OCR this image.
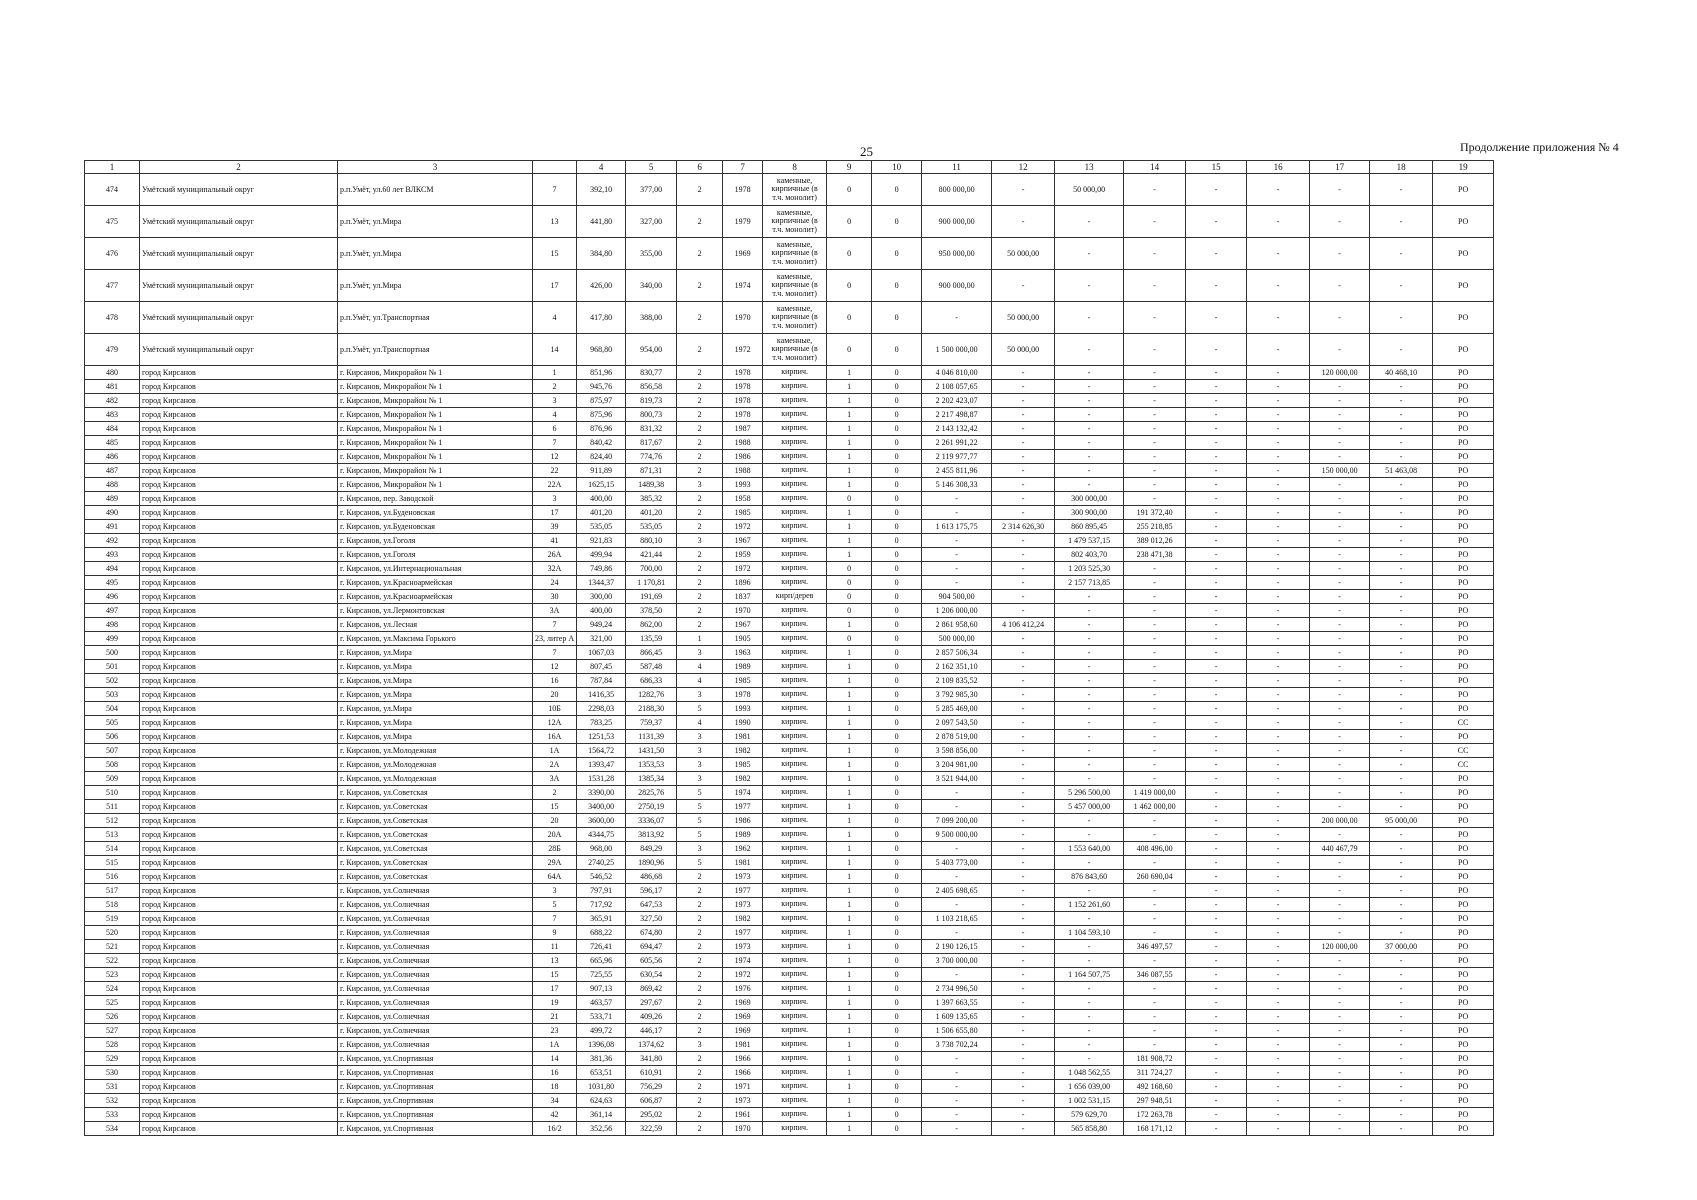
25	Продолжение приложения № 4
1	2	3		4	5	6	7	8	9	10	11	12	13	14	15	16	17	18	19
474	Умётский муниципальный округ	р.п.Умёт, ул.60 лет ВЛКСМ	7	392,10	377,00	2	1978	каменные, кирпичные (в т.ч. монолит)	0	0	800 000,00	-	50 000,00	-	-	-	-	-	РО
475	Умётский муниципальный округ	р.п.Умёт, ул.Мира	13	441,80	327,00	2	1979	каменные, кирпичные (в т.ч. монолит)	0	0	900 000,00	-	-	-	-	-	-	-	РО
476	Умётский муниципальный округ	р.п.Умёт, ул.Мира	15	384,80	355,00	2	1969	каменные, кирпичные (в т.ч. монолит)	0	0	950 000,00	50 000,00	-	-	-	-	-	-	РО
477	Умётский муниципальный округ	р.п.Умёт, ул.Мира	17	426,00	340,00	2	1974	каменные, кирпичные (в т.ч. монолит)	0	0	900 000,00	-	-	-	-	-	-	-	РО
478	Умётский муниципальный округ	р.п.Умёт, ул.Транспортная	4	417,80	388,00	2	1970	каменные, кирпичные (в т.ч. монолит)	0	0	-	50 000,00	-	-	-	-	-	-	РО
479	Умётский муниципальный округ	р.п.Умёт, ул.Транспортная	14	968,80	954,00	2	1972	каменные, кирпичные (в т.ч. монолит)	0	0	1 500 000,00	50 000,00	-	-	-	-	-	-	РО
480	город Кирсанов	г. Кирсанов, Микрорайон № 1	1	851,96	830,77	2	1978	кирпич.	1	0	4 046 810,00	-	-	-	-	-	120 000,00	40 468,10	РО
481	город Кирсанов	г. Кирсанов, Микрорайон № 1	2	945,76	856,58	2	1978	кирпич.	1	0	2 108 057,65	-	-	-	-	-	-	-	РО
482	город Кирсанов	г. Кирсанов, Микрорайон № 1	3	875,97	819,73	2	1978	кирпич.	1	0	2 202 423,07	-	-	-	-	-	-	-	РО
483	город Кирсанов	г. Кирсанов, Микрорайон № 1	4	875,96	800,73	2	1978	кирпич.	1	0	2 217 498,87	-	-	-	-	-	-	-	РО
484	город Кирсанов	г. Кирсанов, Микрорайон № 1	6	876,96	831,32	2	1987	кирпич.	1	0	2 143 132,42	-	-	-	-	-	-	-	РО
485	город Кирсанов	г. Кирсанов, Микрорайон № 1	7	840,42	817,67	2	1988	кирпич.	1	0	2 261 991,22	-	-	-	-	-	-	-	РО
486	город Кирсанов	г. Кирсанов, Микрорайон № 1	12	824,40	774,76	2	1986	кирпич.	1	0	2 119 977,77	-	-	-	-	-	-	-	РО
487	город Кирсанов	г. Кирсанов, Микрорайон № 1	22	911,89	871,31	2	1988	кирпич.	1	0	2 455 811,96	-	-	-	-	-	150 000,00	51 463,08	РО
488	город Кирсанов	г. Кирсанов, Микрорайон № 1	22А	1625,15	1489,38	3	1993	кирпич.	1	0	5 146 308,33	-	-	-	-	-	-	-	РО
489	город Кирсанов	г. Кирсанов, пер. Заводской	3	400,00	385,32	2	1958	кирпич.	0	0	-	-	300 000,00	-	-	-	-	-	РО
490	город Кирсанов	г. Кирсанов, ул.Буденовская	17	401,20	401,20	2	1985	кирпич.	1	0	-	-	300 900,00	191 372,40	-	-	-	-	РО
491	город Кирсанов	г. Кирсанов, ул.Буденовская	39	535,05	535,05	2	1972	кирпич.	1	0	1 613 175,75	2 314 626,30	860 895,45	255 218,85	-	-	-	-	РО
492	город Кирсанов	г. Кирсанов, ул.Гоголя	41	921,83	880,10	3	1967	кирпич.	1	0	-	-	1 479 537,15	389 012,26	-	-	-	-	РО
493	город Кирсанов	г. Кирсанов, ул.Гоголя	26А	499,94	421,44	2	1959	кирпич.	1	0	-	-	802 403,70	238 471,38	-	-	-	-	РО
494	город Кирсанов	г. Кирсанов, ул.Интернациональная	32А	749,86	700,00	2	1972	кирпич.	0	0	-	-	1 203 525,30	-	-	-	-	-	РО
495	город Кирсанов	г. Кирсанов, ул.Красноармейская	24	1344,37	1 170,81	2	1896	кирпич.	0	0	-	-	2 157 713,85	-	-	-	-	-	РО
496	город Кирсанов	г. Кирсанов, ул.Красноармейская	30	300,00	191,69	2	1837	кирп/дерев	0	0	904 500,00	-	-	-	-	-	-	-	РО
497	город Кирсанов	г. Кирсанов, ул.Лермонтовская	3А	400,00	378,50	2	1970	кирпич.	0	0	1 206 000,00	-	-	-	-	-	-	-	РО
498	город Кирсанов	г. Кирсанов, ул.Лесная	7	949,24	862,00	2	1967	кирпич.	1	0	2 861 958,60	4 106 412,24	-	-	-	-	-	-	РО
499	город Кирсанов	г. Кирсанов, ул.Максима Горького	23, литер А	321,00	135,59	1	1905	кирпич.	0	0	500 000,00	-	-	-	-	-	-	-	РО
500	город Кирсанов	г. Кирсанов, ул.Мира	7	1067,03	866,45	3	1963	кирпич.	1	0	2 857 506,34	-	-	-	-	-	-	-	РО
501	город Кирсанов	г. Кирсанов, ул.Мира	12	807,45	587,48	4	1989	кирпич.	1	0	2 162 351,10	-	-	-	-	-	-	-	РО
502	город Кирсанов	г. Кирсанов, ул.Мира	16	787,84	686,33	4	1985	кирпич.	1	0	2 109 835,52	-	-	-	-	-	-	-	РО
503	город Кирсанов	г. Кирсанов, ул.Мира	20	1416,35	1282,76	3	1978	кирпич.	1	0	3 792 985,30	-	-	-	-	-	-	-	РО
504	город Кирсанов	г. Кирсанов, ул.Мира	10Б	2298,03	2188,30	5	1993	кирпич.	1	0	5 285 469,00	-	-	-	-	-	-	-	РО
505	город Кирсанов	г. Кирсанов, ул.Мира	12А	783,25	759,37	4	1990	кирпич.	1	0	2 097 543,50	-	-	-	-	-	-	-	СС
506	город Кирсанов	г. Кирсанов, ул.Мира	16А	1251,53	1131,39	3	1981	кирпич.	1	0	2 878 519,00	-	-	-	-	-	-	-	РО
507	город Кирсанов	г. Кирсанов, ул.Молодежная	1А	1564,72	1431,50	3	1982	кирпич.	1	0	3 598 856,00	-	-	-	-	-	-	-	СС
508	город Кирсанов	г. Кирсанов, ул.Молодежная	2А	1393,47	1353,53	3	1985	кирпич.	1	0	3 204 981,00	-	-	-	-	-	-	-	СС
509	город Кирсанов	г. Кирсанов, ул.Молодежная	3А	1531,28	1385,34	3	1982	кирпич.	1	0	3 521 944,00	-	-	-	-	-	-	-	РО
510	город Кирсанов	г. Кирсанов, ул.Советская	2	3390,00	2825,76	5	1974	кирпич.	1	0	-	-	5 296 500,00	1 419 000,00	-	-	-	-	РО
511	город Кирсанов	г. Кирсанов, ул.Советская	15	3400,00	2750,19	5	1977	кирпич.	1	0	-	-	5 457 000,00	1 462 000,00	-	-	-	-	РО
512	город Кирсанов	г. Кирсанов, ул.Советская	20	3600,00	3336,07	5	1986	кирпич.	1	0	7 099 200,00	-	-	-	-	-	200 000,00	95 000,00	РО
513	город Кирсанов	г. Кирсанов, ул.Советская	20А	4344,75	3813,92	5	1989	кирпич.	1	0	9 500 000,00	-	-	-	-	-	-	-	РО
514	город Кирсанов	г. Кирсанов, ул.Советская	28Б	968,00	849,29	3	1962	кирпич.	1	0	-	-	1 553 640,00	408 496,00	-	-	440 467,79	-	РО
515	город Кирсанов	г. Кирсанов, ул.Советская	29А	2740,25	1890,96	5	1981	кирпич.	1	0	5 403 773,00	-	-	-	-	-	-	-	РО
516	город Кирсанов	г. Кирсанов, ул.Советская	64А	546,52	486,68	2	1973	кирпич.	1	0	-	-	876 843,60	260 690,04	-	-	-	-	РО
517	город Кирсанов	г. Кирсанов, ул.Солнечная	3	797,91	596,17	2	1977	кирпич.	1	0	2 405 698,65	-	-	-	-	-	-	-	РО
518	город Кирсанов	г. Кирсанов, ул.Солнечная	5	717,92	647,53	2	1973	кирпич.	1	0	-	-	1 152 261,60	-	-	-	-	-	РО
519	город Кирсанов	г. Кирсанов, ул.Солнечная	7	365,91	327,50	2	1982	кирпич.	1	0	1 103 218,65	-	-	-	-	-	-	-	РО
520	город Кирсанов	г. Кирсанов, ул.Солнечная	9	688,22	674,80	2	1977	кирпич.	1	0	-	-	1 104 593,10	-	-	-	-	-	РО
521	город Кирсанов	г. Кирсанов, ул.Солнечная	11	726,41	694,47	2	1973	кирпич.	1	0	2 190 126,15	-	-	346 497,57	-	-	120 000,00	37 000,00	РО
522	город Кирсанов	г. Кирсанов, ул.Солнечная	13	665,96	605,56	2	1974	кирпич.	1	0	3 700 000,00	-	-	-	-	-	-	-	РО
523	город Кирсанов	г. Кирсанов, ул.Солнечная	15	725,55	630,54	2	1972	кирпич.	1	0	-	-	1 164 507,75	346 087,55	-	-	-	-	РО
524	город Кирсанов	г. Кирсанов, ул.Солнечная	17	907,13	869,42	2	1976	кирпич.	1	0	2 734 996,50	-	-	-	-	-	-	-	РО
525	город Кирсанов	г. Кирсанов, ул.Солнечная	19	463,57	297,67	2	1969	кирпич.	1	0	1 397 663,55	-	-	-	-	-	-	-	РО
526	город Кирсанов	г. Кирсанов, ул.Солнечная	21	533,71	409,26	2	1969	кирпич.	1	0	1 609 135,65	-	-	-	-	-	-	-	РО
527	город Кирсанов	г. Кирсанов, ул.Солнечная	23	499,72	446,17	2	1969	кирпич.	1	0	1 506 655,80	-	-	-	-	-	-	-	РО
528	город Кирсанов	г. Кирсанов, ул.Солнечная	1А	1396,08	1374,62	3	1981	кирпич.	1	0	3 738 702,24	-	-	-	-	-	-	-	РО
529	город Кирсанов	г. Кирсанов, ул.Спортивная	14	381,36	341,80	2	1966	кирпич.	1	0	-	-	-	181 908,72	-	-	-	-	РО
530	город Кирсанов	г. Кирсанов, ул.Спортивная	16	653,51	610,91	2	1966	кирпич.	1	0	-	-	1 048 562,55	311 724,27	-	-	-	-	РО
531	город Кирсанов	г. Кирсанов, ул.Спортивная	18	1031,80	756,29	2	1971	кирпич.	1	0	-	-	1 656 039,00	492 168,60	-	-	-	-	РО
532	город Кирсанов	г. Кирсанов, ул.Спортивная	34	624,63	606,87	2	1973	кирпич.	1	0	-	-	1 002 531,15	297 948,51	-	-	-	-	РО
533	город Кирсанов	г. Кирсанов, ул.Спортивная	42	361,14	295,02	2	1961	кирпич.	1	0	-	-	579 629,70	172 263,78	-	-	-	-	РО
534	город Кирсанов	г. Кирсанов, ул.Спортивная	16/2	352,56	322,59	2	1970	кирпич.	1	0	-	-	565 858,80	168 171,12	-	-	-	-	РО
